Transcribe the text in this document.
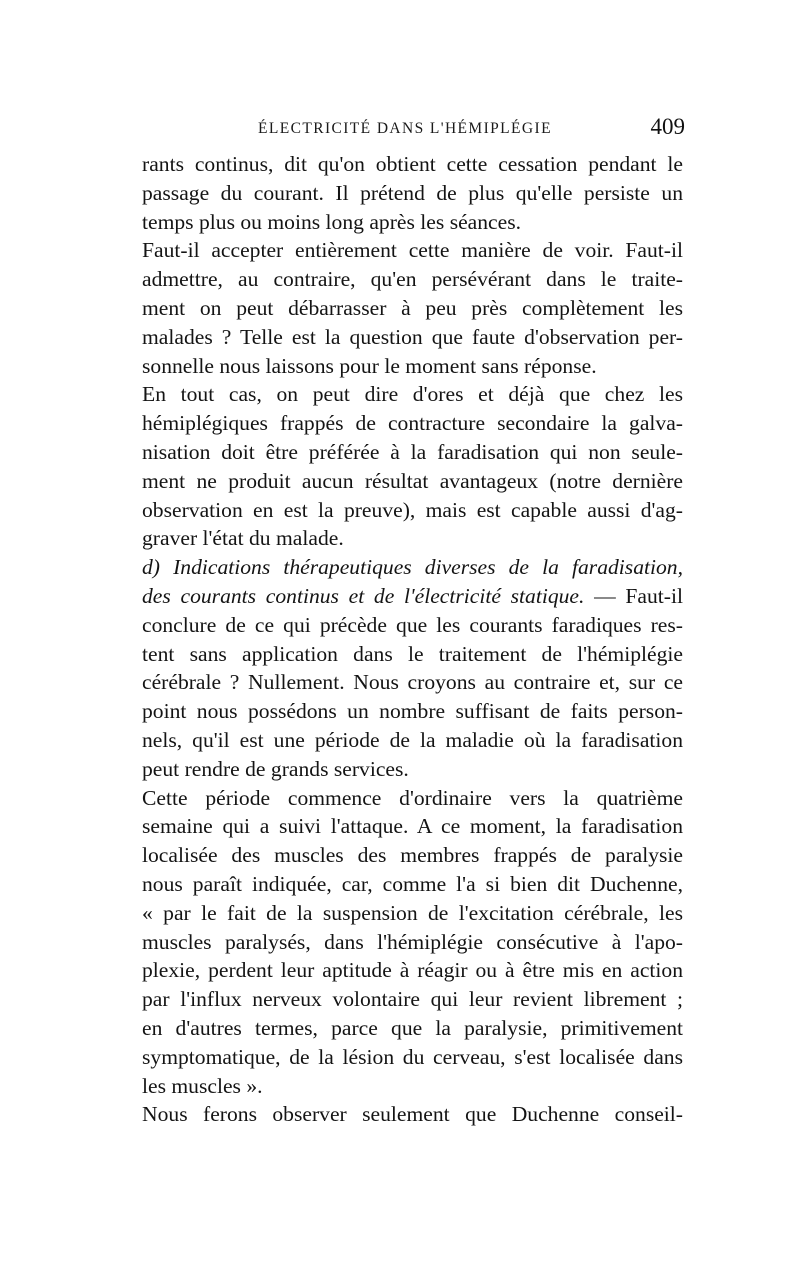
ÉLECTRICITÉ DANS L'HÉMIPLÉGIE	409
rants continus, dit qu'on obtient cette cessation pendant le
passage du courant. Il prétend de plus qu'elle persiste un
temps plus ou moins long après les séances.
Faut-il accepter entièrement cette manière de voir. Faut-il
admettre, au contraire, qu'en persévérant dans le traite-
ment on peut débarrasser à peu près complètement les
malades ? Telle est la question que faute d'observation per-
sonnelle nous laissons pour le moment sans réponse.
En tout cas, on peut dire d'ores et déjà que chez les
hémiplégiques frappés de contracture secondaire la galva-
nisation doit être préférée à la faradisation qui non seule-
ment ne produit aucun résultat avantageux (notre dernière
observation en est la preuve), mais est capable aussi d'ag-
graver l'état du malade.
d) Indications thérapeutiques diverses de la faradisation,
des courants continus et de l'électricité statique. — Faut-il
conclure de ce qui précède que les courants faradiques res-
tent sans application dans le traitement de l'hémiplégie
cérébrale ? Nullement. Nous croyons au contraire et, sur ce
point nous possédons un nombre suffisant de faits person-
nels, qu'il est une période de la maladie où la faradisation
peut rendre de grands services.
Cette période commence d'ordinaire vers la quatrième
semaine qui a suivi l'attaque. A ce moment, la faradisation
localisée des muscles des membres frappés de paralysie
nous paraît indiquée, car, comme l'a si bien dit Duchenne,
« par le fait de la suspension de l'excitation cérébrale, les
muscles paralysés, dans l'hémiplégie consécutive à l'apo-
plexie, perdent leur aptitude à réagir ou à être mis en action
par l'influx nerveux volontaire qui leur revient librement ;
en d'autres termes, parce que la paralysie, primitivement
symptomatique, de la lésion du cerveau, s'est localisée dans
les muscles ».
Nous ferons observer seulement que Duchenne conseil-
